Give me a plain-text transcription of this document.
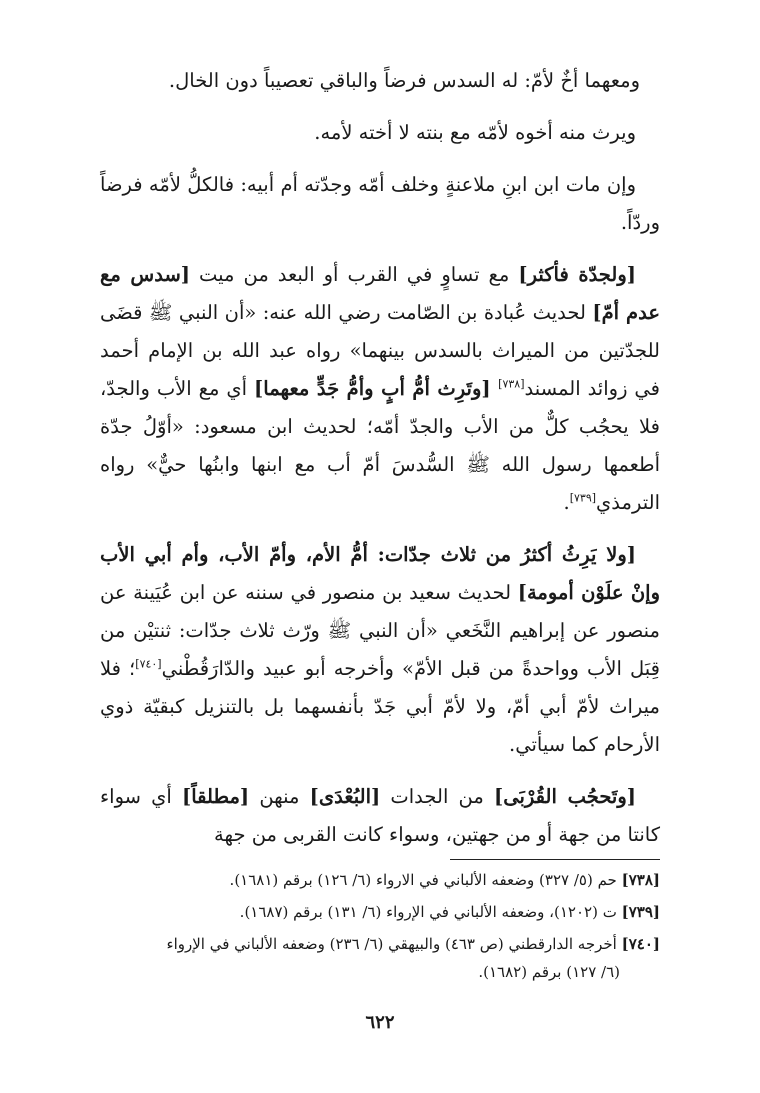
ومعهما أخٌ لأمّ: له السدس فرضاً والباقي تعصيباً دون الخال.

ويرث منه أخوه لأمّه مع بنته لا أخته لأمه.

وإن مات ابن ابنِ ملاعنةٍ وخلف أمّه وجدّته أم أبيه: فالكلُّ لأمّه فرضاً وردّاً.

[ولجدّة فأكثر] مع تساوٍ في القرب أو البعد من ميت [سدس مع عدم أمّ] لحديث عُبادة بن الصّامت رضي الله عنه: «أن النبي ﷺ قضَى للجدّتين من الميراث بالسدس بينهما» رواه عبد الله بن الإمام أحمد في زوائد المسند[٧٣٨] [وتَرِث أمُّ أبٍ وأمُّ جَدٍّ معهما] أي مع الأب والجدّ، فلا يحجُب كلٌّ من الأب والجدّ أمّه؛ لحديث ابن مسعود: «أوّلُ جدّة أطعمها رسول الله ﷺ السُّدسَ أمّ أب مع ابنها وابنُها حيٌّ» رواه الترمذي[٧٣٩].

[ولا يَرِثُ أكثرُ من ثلاث جدّات: أمُّ الأم، وأمّ الأب، وأم أبي الأب وإنْ علَوْن أمومة] لحديث سعيد بن منصور في سننه عن ابن عُيَينة عن منصور عن إبراهيم النَّخَعي «أن النبي ﷺ ورّث ثلاث جدّات: ثنتيْن من قِبَل الأب وواحدةً من قبل الأمّ» وأخرجه أبو عبيد والدّارَقُطْني[٧٤٠]؛ فلا ميراث لأمّ أبي أمّ، ولا لأمّ أبي جَدّ بأنفسهما بل بالتنزيل كبقيّة ذوي الأرحام كما سيأتي.

[وتَحجُب القُرْبَى] من الجدات [البُعْدَى] منهن [مطلقاً] أي سواء كانتا من جهة أو من جهتين، وسواء كانت القربى من جهة

[٧٣٨] حم (٥/ ٣٢٧) وضعفه الألباني في الارواء (٦/ ١٢٦) برقم (١٦٨١).

[٧٣٩] ت (١٢٠٢)، وضعفه الألباني في الإرواء (٦/ ١٣١) برقم (١٦٨٧).

[٧٤٠] أخرجه الدارقطني (ص ٤٦٣) والبيهقي (٦/ ٢٣٦) وضعفه الألباني في الإرواء
(٦/ ١٢٧) برقم (١٦٨٢).

٦٢٢
